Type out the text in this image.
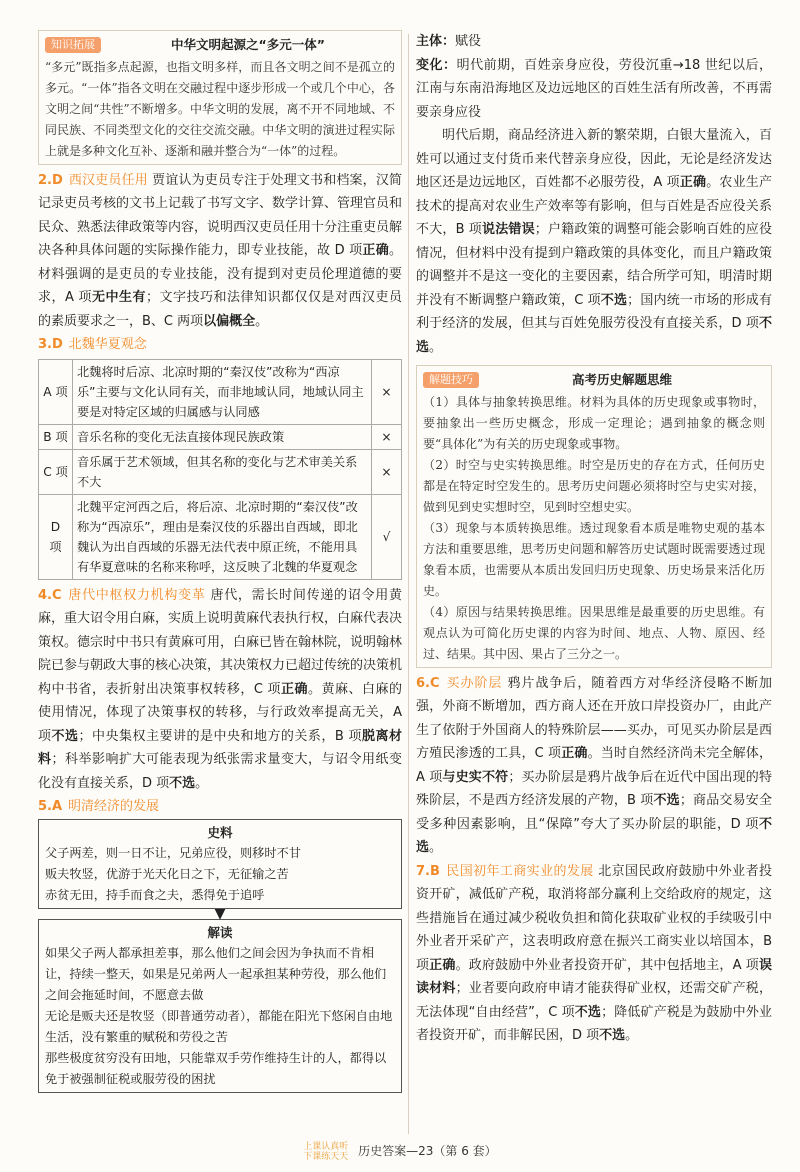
知识拓展	中华文明起源之“多元一体”

“多元”既指多点起源，也指文明多样，而且各文明之间不是孤立的多元。“一体”指各文明在交融过程中逐步形成一个或几个中心，各文明之间“共性”不断增多。中华文明的发展，离不开不同地域、不同民族、不同类型文化的交往交流交融。中华文明的演进过程实际上就是多种文化互补、逐渐和融并整合为“一体”的过程。

2.D 西汉吏员任用 贾谊认为吏员专注于处理文书和档案，汉简记录吏员考核的文书上记载了书写文字、数学计算、管理官员和民众、熟悉法律政策等内容，说明西汉吏员任用十分注重吏员解决各种具体问题的实际操作能力，即专业技能，故 D 项正确。材料强调的是吏员的专业技能，没有提到对吏员伦理道德的要求，A 项无中生有；文字技巧和法律知识都仅仅是对西汉吏员的素质要求之一，B、C 两项以偏概全。

3.D 北魏华夏观念

A 项	北魏将时后凉、北凉时期的“秦汉伎”改称为“西凉乐”主要与文化认同有关，而非地域认同，地域认同主要是对特定区域的归属感与认同感	×
B 项	音乐名称的变化无法直接体现民族政策	×
C 项	音乐属于艺术领域，但其名称的变化与艺术审美关系不大	×
D 项	北魏平定河西之后，将后凉、北凉时期的“秦汉伎”改称为“西凉乐”，理由是秦汉伎的乐器出自西域，即北魏认为出自西域的乐器无法代表中原正统，不能用具有华夏意味的名称来称呼，这反映了北魏的华夏观念	√

4.C 唐代中枢权力机构变革 唐代，需长时间传递的诏令用黄麻，重大诏令用白麻，实质上说明黄麻代表执行权，白麻代表决策权。德宗时中书只有黄麻可用，白麻已皆在翰林院，说明翰林院已参与朝政大事的核心决策，其决策权力已超过传统的决策机构中书省，表折射出决策事权转移，C 项正确。黄麻、白麻的使用情况，体现了决策事权的转移，与行政效率提高无关，A 项不选；中央集权主要讲的是中央和地方的关系，B 项脱离材料；科举影响扩大可能表现为纸张需求量变大，与诏令用纸变化没有直接关系，D 项不选。

5.A 明清经济的发展

史料
父子两差，则一日不让，兄弟应役，则移时不甘
贩夫牧竖，优游于光天化日之下，无征输之苦
赤贫无田，持手而食之夫，悉得免于追呼
▼
解读
如果父子两人都承担差事，那么他们之间会因为争执而不肯相让，持续一整天，如果是兄弟两人一起承担某种劳役，那么他们之间会拖延时间，不愿意去做
无论是贩夫还是牧竖（即普通劳动者），都能在阳光下悠闲自由地生活，没有繁重的赋税和劳役之苦
那些极度贫穷没有田地，只能靠双手劳作维持生计的人，都得以免于被强制征税或服劳役的困扰

主体：赋役

变化：明代前期，百姓亲身应役，劳役沉重→18 世纪以后，江南与东南沿海地区及边远地区的百姓生活有所改善，不再需要亲身应役

明代后期，商品经济进入新的繁荣期，白银大量流入，百姓可以通过支付货币来代替亲身应役，因此，无论是经济发达地区还是边远地区，百姓都不必服劳役，A 项正确。农业生产技术的提高对农业生产效率等有影响，但与百姓是否应役关系不大，B 项说法错误；户籍政策的调整可能会影响百姓的应役情况，但材料中没有提到户籍政策的具体变化，而且户籍政策的调整并不是这一变化的主要因素，结合所学可知，明清时期并没有不断调整户籍政策，C 项不选；国内统一市场的形成有利于经济的发展，但其与百姓免服劳役没有直接关系，D 项不选。

解题技巧	高考历史解题思维

（1）具体与抽象转换思维。材料为具体的历史现象或事物时，要抽象出一些历史概念，形成一定理论；遇到抽象的概念则要“具体化”为有关的历史现象或事物。

（2）时空与史实转换思维。时空是历史的存在方式，任何历史都是在特定时空发生的。思考历史问题必须将时空与史实对接，做到见到史实想时空，见到时空想史实。

（3）现象与本质转换思维。透过现象看本质是唯物史观的基本方法和重要思维，思考历史问题和解答历史试题时既需要透过现象看本质，也需要从本质出发回归历史现象、历史场景来活化历史。

（4）原因与结果转换思维。因果思维是最重要的历史思维。有观点认为可简化历史课的内容为时间、地点、人物、原因、经过、结果。其中因、果占了三分之一。

6.C 买办阶层 鸦片战争后，随着西方对华经济侵略不断加强，外商不断增加，西方商人还在开放口岸投资办厂，由此产生了依附于外国商人的特殊阶层——买办，可见买办阶层是西方殖民渗透的工具，C 项正确。当时自然经济尚未完全解体，A 项与史实不符；买办阶层是鸦片战争后在近代中国出现的特殊阶层，不是西方经济发展的产物，B 项不选；商品交易安全受多种因素影响，且“保障”夸大了买办阶层的职能，D 项不选。

7.B 民国初年工商实业的发展 北京国民政府鼓励中外业者投资开矿，减低矿产税，取消将部分赢利上交给政府的规定，这些措施旨在通过减少税收负担和简化获取矿业权的手续吸引中外业者开采矿产，这表明政府意在振兴工商实业以培国本，B 项正确。政府鼓励中外业者投资开矿，其中包括地主，A 项误读材料；业者要向政府申请才能获得矿业权，还需交矿产税，无法体现“自由经营”，C 项不选；降低矿产税是为鼓励中外业者投资开矿，而非解民困，D 项不选。

上课认真听
下课练天天 历史答案—23（第 6 套）
